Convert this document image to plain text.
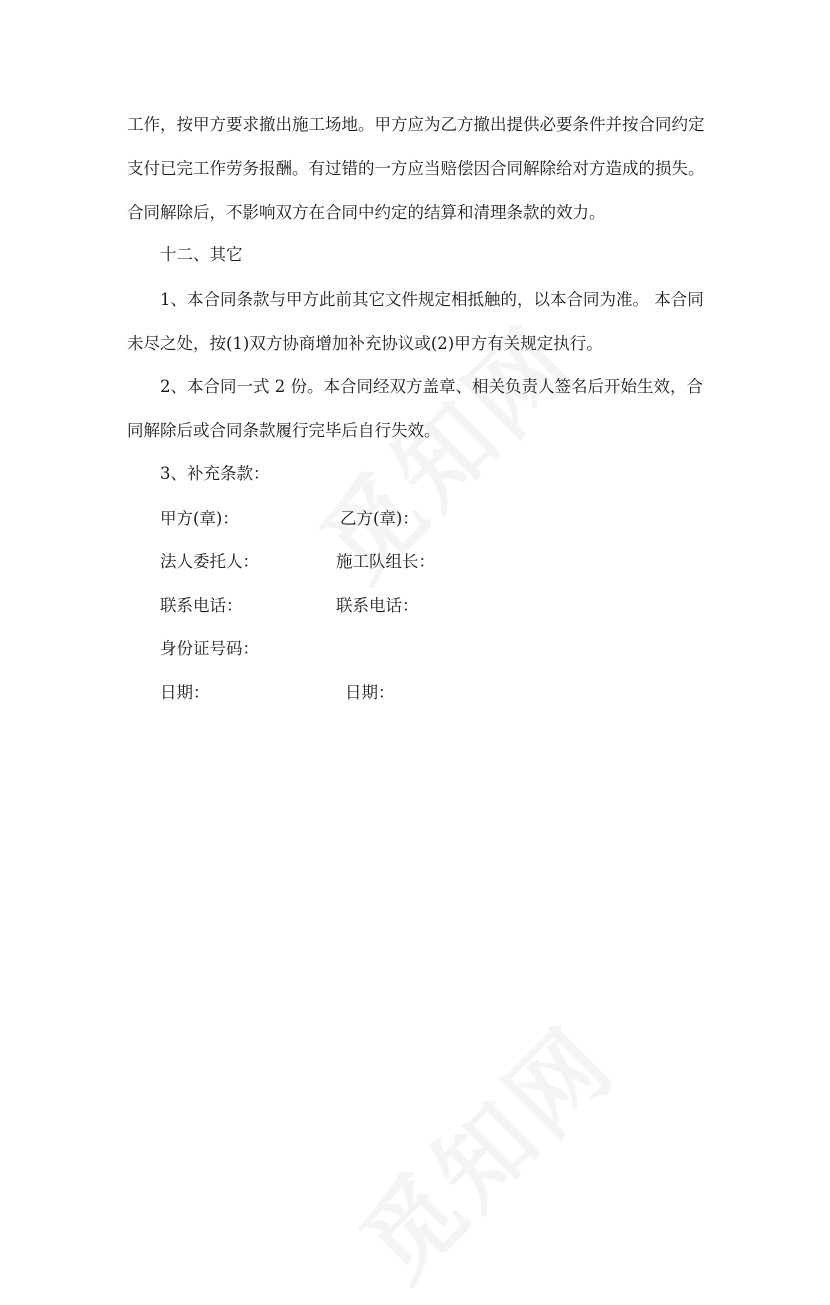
工作，按甲方要求撤出施工场地。甲方应为乙方撤出提供必要条件并按合同约定
支付已完工作劳务报酬。有过错的一方应当赔偿因合同解除给对方造成的损失。
合同解除后，不影响双方在合同中约定的结算和清理条款的效力。
十二、其它
1、本合同条款与甲方此前其它文件规定相抵触的，以本合同为准。 本合同
未尽之处，按(1)双方协商增加补充协议或(2)甲方有关规定执行。
2、本合同一式 2 份。本合同经双方盖章、相关负责人签名后开始生效，合
同解除后或合同条款履行完毕后自行失效。
3、补充条款：
甲方(章)：	乙方(章)：
法人委托人：	施工队组长：
联系电话：	联系电话：
身份证号码：
日期：	日期：
